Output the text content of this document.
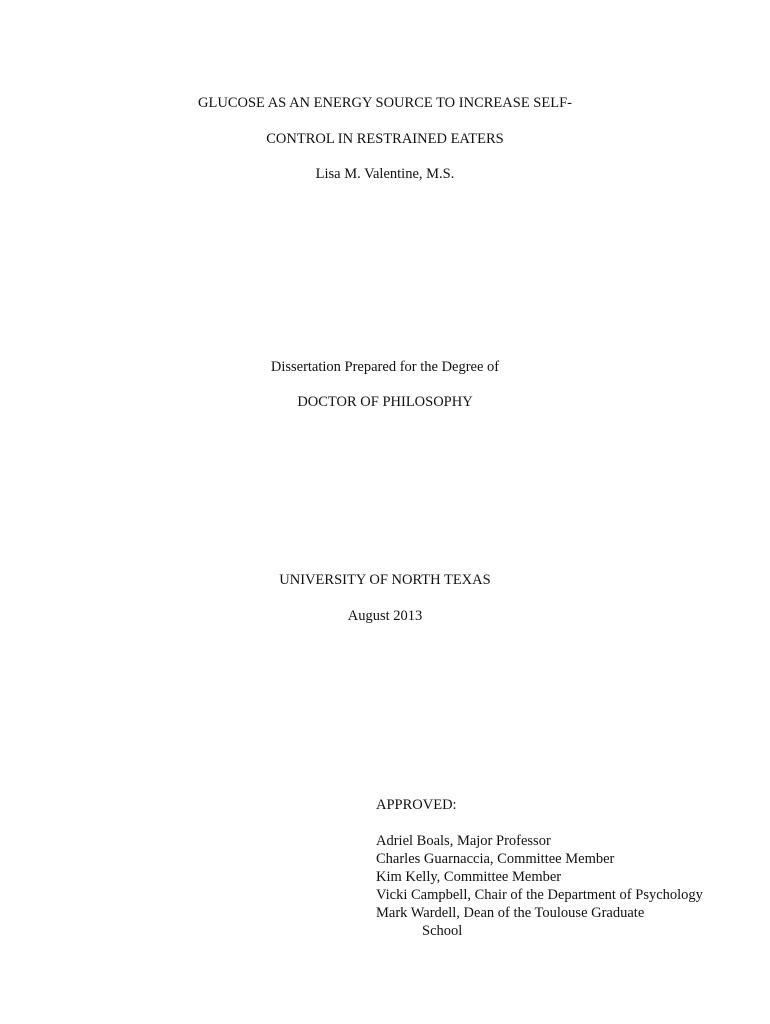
GLUCOSE AS AN ENERGY SOURCE TO INCREASE SELF-
CONTROL IN RESTRAINED EATERS
Lisa M. Valentine, M.S.
Dissertation Prepared for the Degree of
DOCTOR OF PHILOSOPHY
UNIVERSITY OF NORTH TEXAS
August 2013
APPROVED:
Adriel Boals, Major Professor
Charles Guarnaccia, Committee Member
Kim Kelly, Committee Member
Vicki Campbell, Chair of the Department of Psychology
Mark Wardell, Dean of the Toulouse Graduate
School
